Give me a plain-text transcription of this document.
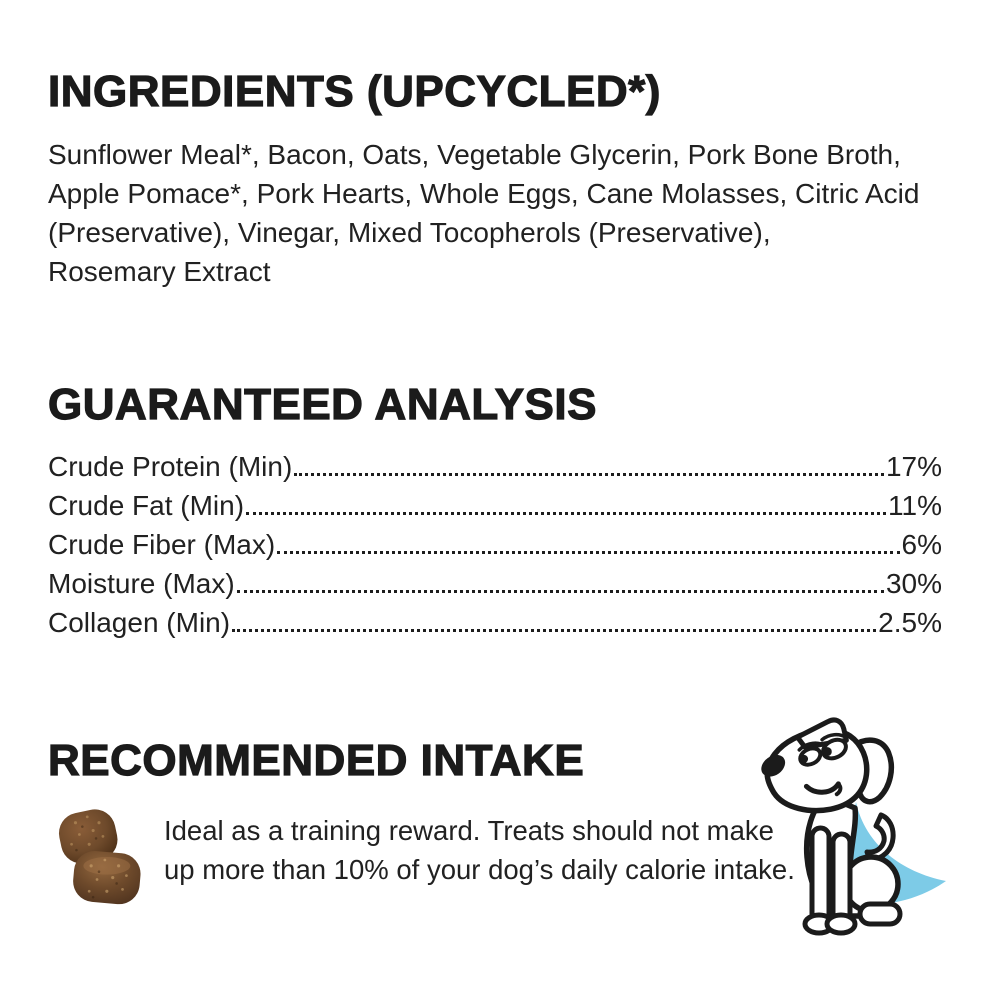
INGREDIENTS (UPCYCLED*)

Sunflower Meal*, Bacon, Oats, Vegetable Glycerin, Pork Bone Broth,
Apple Pomace*, Pork Hearts, Whole Eggs, Cane Molasses, Citric Acid
(Preservative), Vinegar, Mixed Tocopherols (Preservative),
Rosemary Extract

GUARANTEED ANALYSIS
Crude Protein (Min)	17%
Crude Fat (Min)	11%
Crude Fiber (Max)	6%
Moisture (Max)	30%
Collagen (Min)	2.5%
RECOMMENDED INTAKE

Ideal as a training reward. Treats should not make
up more than 10% of your dog’s daily calorie intake.
